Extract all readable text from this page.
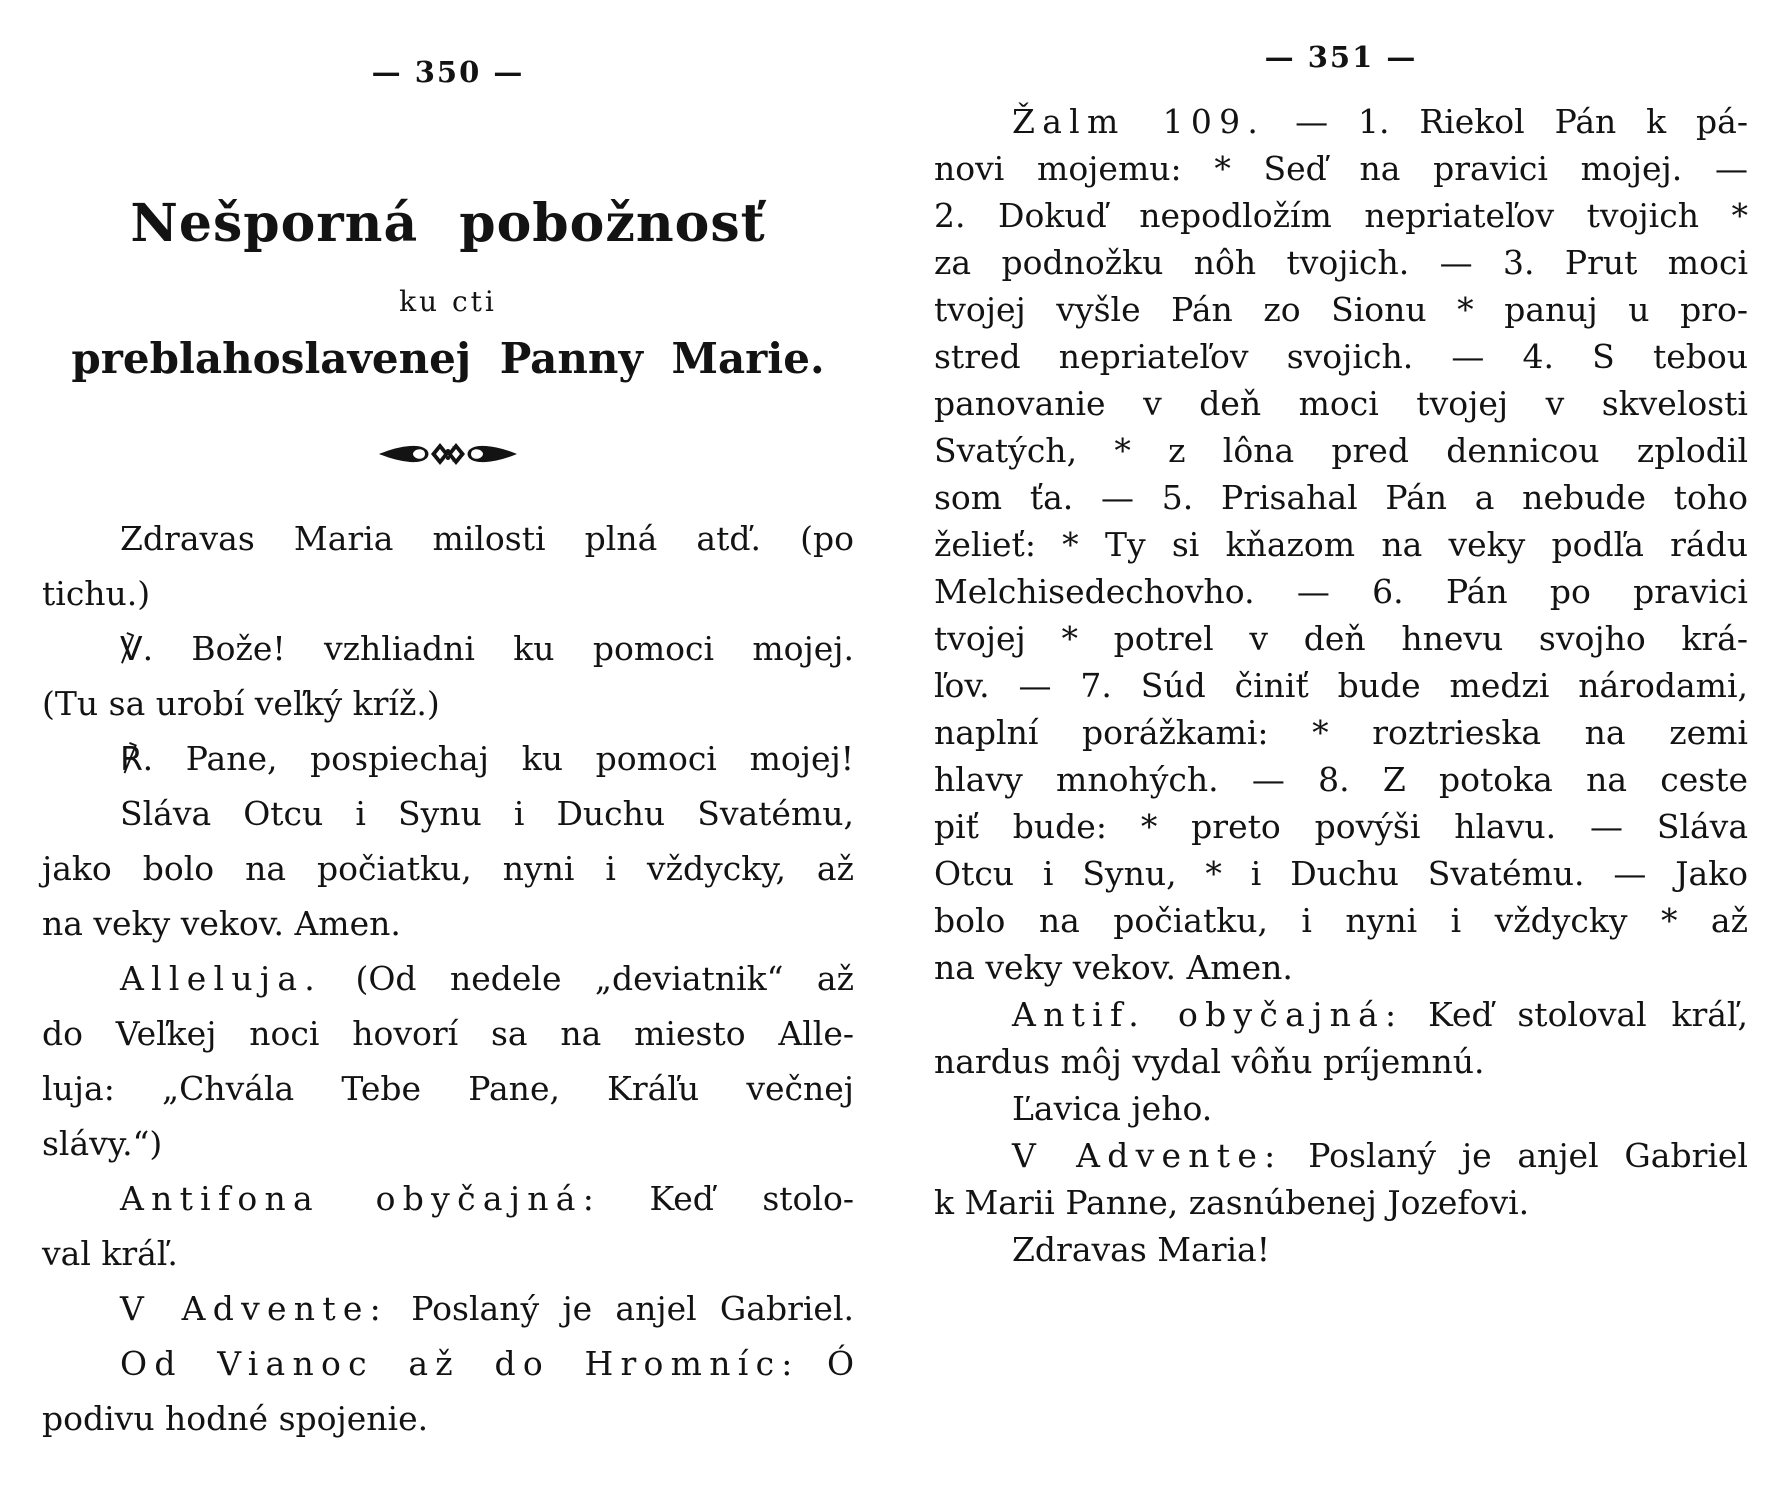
— 350 —
Nešporná pobožnosť
ku cti
preblahoslavenej Panny Marie.
Zdravas Maria milosti plná atď. (po
tichu.)
℣. Bože! vzhliadni ku pomoci mojej.
(Tu sa urobí veľký kríž.)
℟. Pane, pospiechaj ku pomoci mojej!
Sláva Otcu i Synu i Duchu Svatému,
jako bolo na počiatku, nyni i vždycky, až
na veky vekov. Amen.
Alleluja. (Od nedele „deviatnik“ až
do Veľkej noci hovorí sa na miesto Alle-
luja: „Chvála Tebe Pane, Kráľu večnej
slávy.“)
Antifona obyčajná: Keď stolo-
val kráľ.
V Advente: Poslaný je anjel Gabriel.
Od Vianoc až do Hromníc: Ó
podivu hodné spojenie.
— 351 —
Žalm 109. — 1. Riekol Pán k pá-
novi mojemu: * Seď na pravici mojej. —
2. Dokuď nepodložím nepriateľov tvojich *
za podnožku nôh tvojich. — 3. Prut moci
tvojej vyšle Pán zo Sionu * panuj u pro-
stred nepriateľov svojich. — 4. S tebou
panovanie v deň moci tvojej v skvelosti
Svatých, * z lôna pred dennicou zplodil
som ťa. — 5. Prisahal Pán a nebude toho
želieť: * Ty si kňazom na veky podľa rádu
Melchisedechovho. — 6. Pán po pravici
tvojej * potrel v deň hnevu svojho krá-
ľov. — 7. Súd činiť bude medzi národami,
naplní porážkami: * roztrieska na zemi
hlavy mnohých. — 8. Z potoka na ceste
piť bude: * preto povýši hlavu. — Sláva
Otcu i Synu, * i Duchu Svatému. — Jako
bolo na počiatku, i nyni i vždycky * až
na veky vekov. Amen.
Antif. obyčajná: Keď stoloval kráľ,
nardus môj vydal vôňu príjemnú.
Ľavica jeho.
V Advente: Poslaný je anjel Gabriel
k Marii Panne, zasnúbenej Jozefovi.
Zdravas Maria!
